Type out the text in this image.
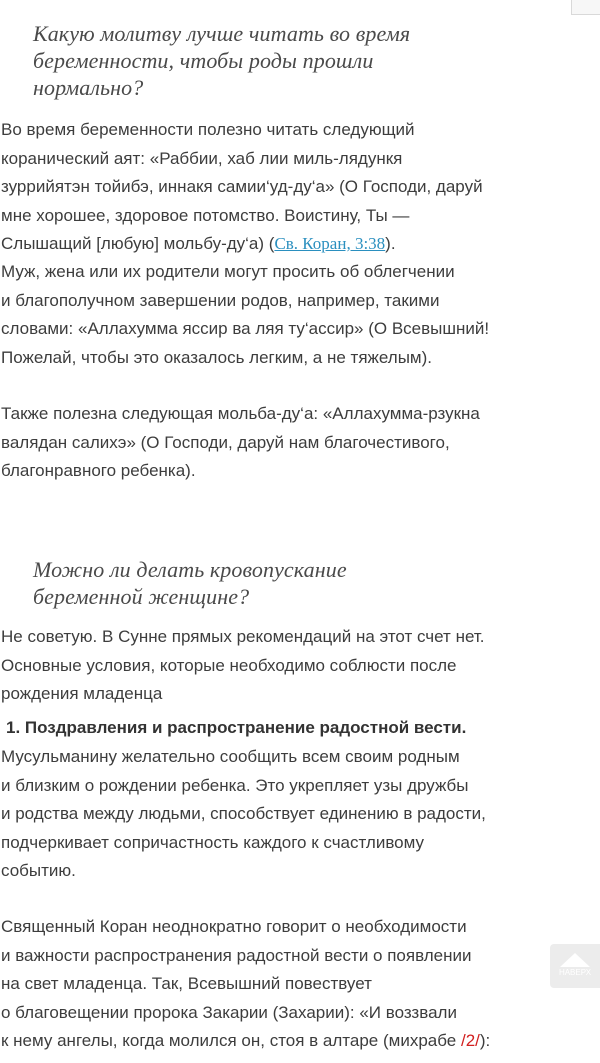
Какую молитву лучше читать во время
беременности, чтобы роды прошли
нормально?

Во время беременности полезно читать следующий
коранический аят: «Раббии, хаб лии миль-лядункя
зуррийятэн тойибэ, иннакя самии‘уд-ду‘а» (О Господи, даруй
мне хорошее, здоровое потомство. Воистину, Ты —
Слышащий [любую] мольбу-ду‘а) (Св. Коран, 3:38).

Муж, жена или их родители могут просить об облегчении
и благополучном завершении родов, например, такими
словами: «Аллахумма яссир ва ляя ту‘ассир» (О Всевышний!
Пожелай, чтобы это оказалось легким, а не тяжелым).

Также полезна следующая мольба-ду‘а: «Аллахумма-рзукна
валядан салихэ» (О Господи, даруй нам благочестивого,
благонравного ребенка).

Можно ли делать кровопускание
беременной женщине?

Не советую. В Сунне прямых рекомендаций на этот счет нет.
Основные условия, которые необходимо соблюсти после
рождения младенца

1. Поздравления и распространение радостной вести.

Мусульманину желательно сообщить всем своим родным
и близким о рождении ребенка. Это укрепляет узы дружбы
и родства между людьми, способствует единению в радости,
подчеркивает сопричастность каждого к счастливому
событию.

Священный Коран неоднократно говорит о необходимости
и важности распространения радостной вести о появлении
на свет младенца. Так, Всевышний повествует
о благовещении пророка Закарии (Захарии): «И воззвали
к нему ангелы, когда молился он, стоя в алтаре (михрабе /2/):

НАВЕРХ
